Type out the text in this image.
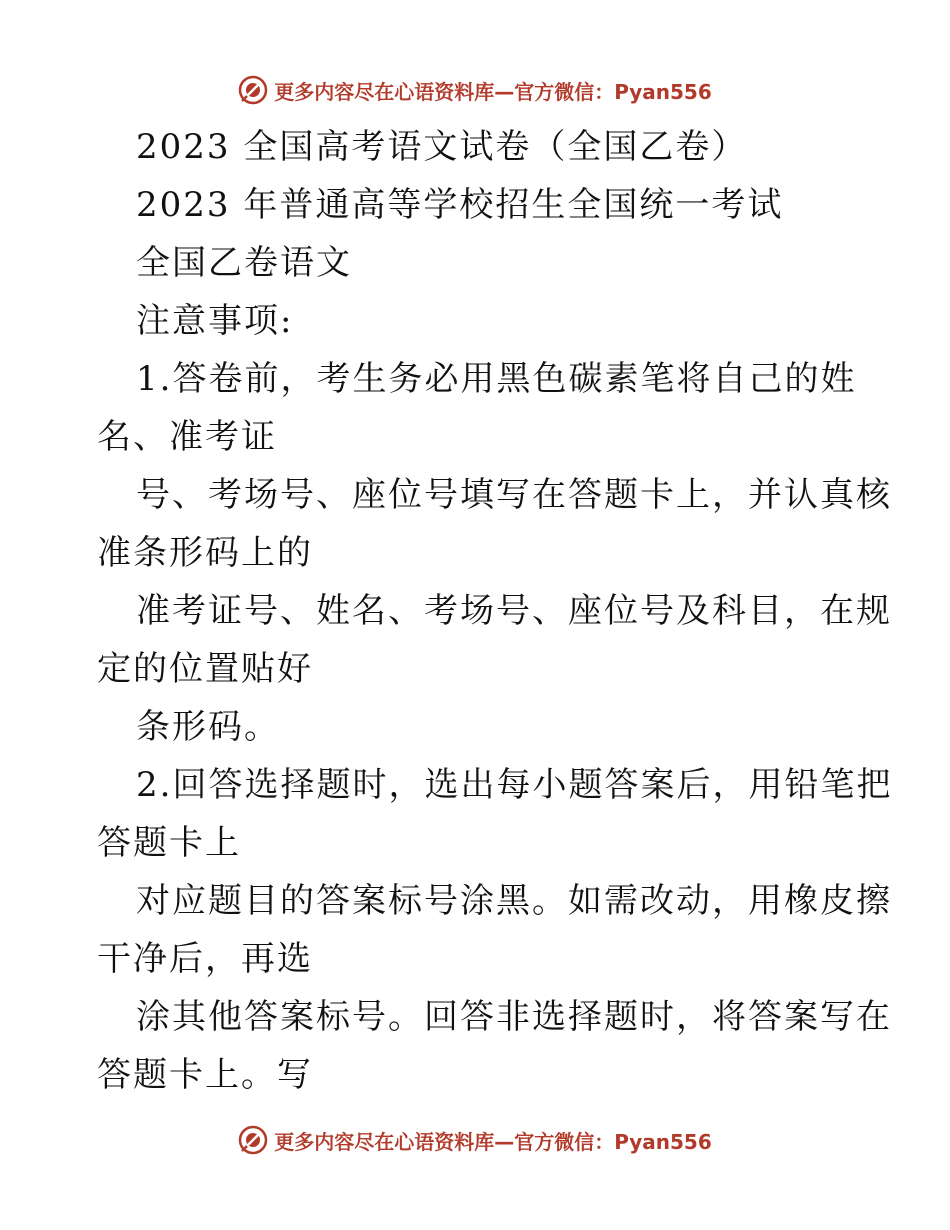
更多内容尽在心语资料库—官方微信：Pyan556
2023 全国高考语文试卷（全国乙卷）
2023 年普通高等学校招生全国统一考试
全国乙卷语文
注意事项:
1.答卷前，考生务必用黑色碳素笔将自己的姓
名、准考证
号、考场号、座位号填写在答题卡上，并认真核
准条形码上的
准考证号、姓名、考场号、座位号及科目，在规
定的位置贴好
条形码。
2.回答选择题时，选出每小题答案后，用铅笔把
答题卡上
对应题目的答案标号涂黑。如需改动，用橡皮擦
干净后，再选
涂其他答案标号。回答非选择题时，将答案写在
答题卡上。写
更多内容尽在心语资料库—官方微信：Pyan556
